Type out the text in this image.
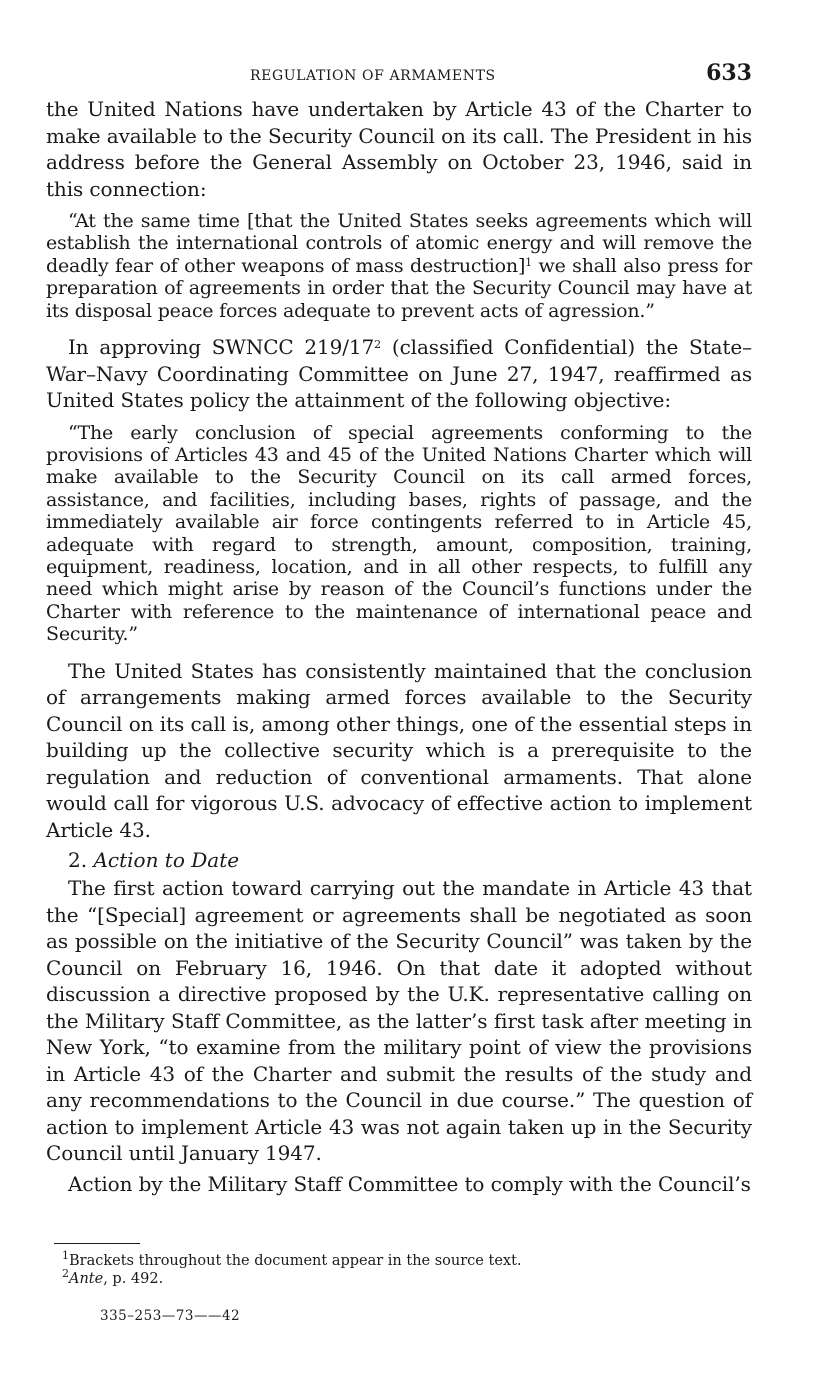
REGULATION OF ARMAMENTS	633

the United Nations have undertaken by Article 43 of the Charter to make available to the Security Council on its call. The President in his address before the General Assembly on October 23, 1946, said in this connection:

“At the same time [that the United States seeks agreements which will establish the international controls of atomic energy and will remove the deadly fear of other weapons of mass destruction]$^1$ we shall also press for preparation of agreements in order that the Security Council may have at its disposal peace forces adequate to prevent acts of agression.”

In approving SWNCC $219/17^2$ (classified Confidential) the State–War–Navy Coordinating Committee on June 27, 1947, reaffirmed as United States policy the attainment of the following objective:

“The early conclusion of special agreements conforming to the provisions of Articles 43 and 45 of the United Nations Charter which will make available to the Security Council on its call armed forces, assistance, and facilities, including bases, rights of passage, and the immediately available air force contingents referred to in Article 45, adequate with regard to strength, amount, composition, training, equipment, readiness, location, and in all other respects, to fulfill any need which might arise by reason of the Council’s functions under the Charter with reference to the maintenance of international peace and Security.”

The United States has consistently maintained that the conclusion of arrangements making armed forces available to the Security Council on its call is, among other things, one of the essential steps in building up the collective security which is a prerequisite to the regulation and reduction of conventional armaments. That alone would call for vigorous U.S. advocacy of effective action to implement Article 43.

2. Action to Date

The first action toward carrying out the mandate in Article 43 that the “[Special] agreement or agreements shall be negotiated as soon as possible on the initiative of the Security Council” was taken by the Council on February 16, 1946. On that date it adopted without discussion a directive proposed by the U.K. representative calling on the Military Staff Committee, as the latter’s first task after meeting in New York, “to examine from the military point of view the provisions in Article 43 of the Charter and submit the results of the study and any recommendations to the Council in due course.” The question of action to implement Article 43 was not again taken up in the Security Council until January 1947.

Action by the Military Staff Committee to comply with the Council’s

$^1$Brackets throughout the document appear in the source text.

$^2$Ante, p. 492.

335–253—73——42
